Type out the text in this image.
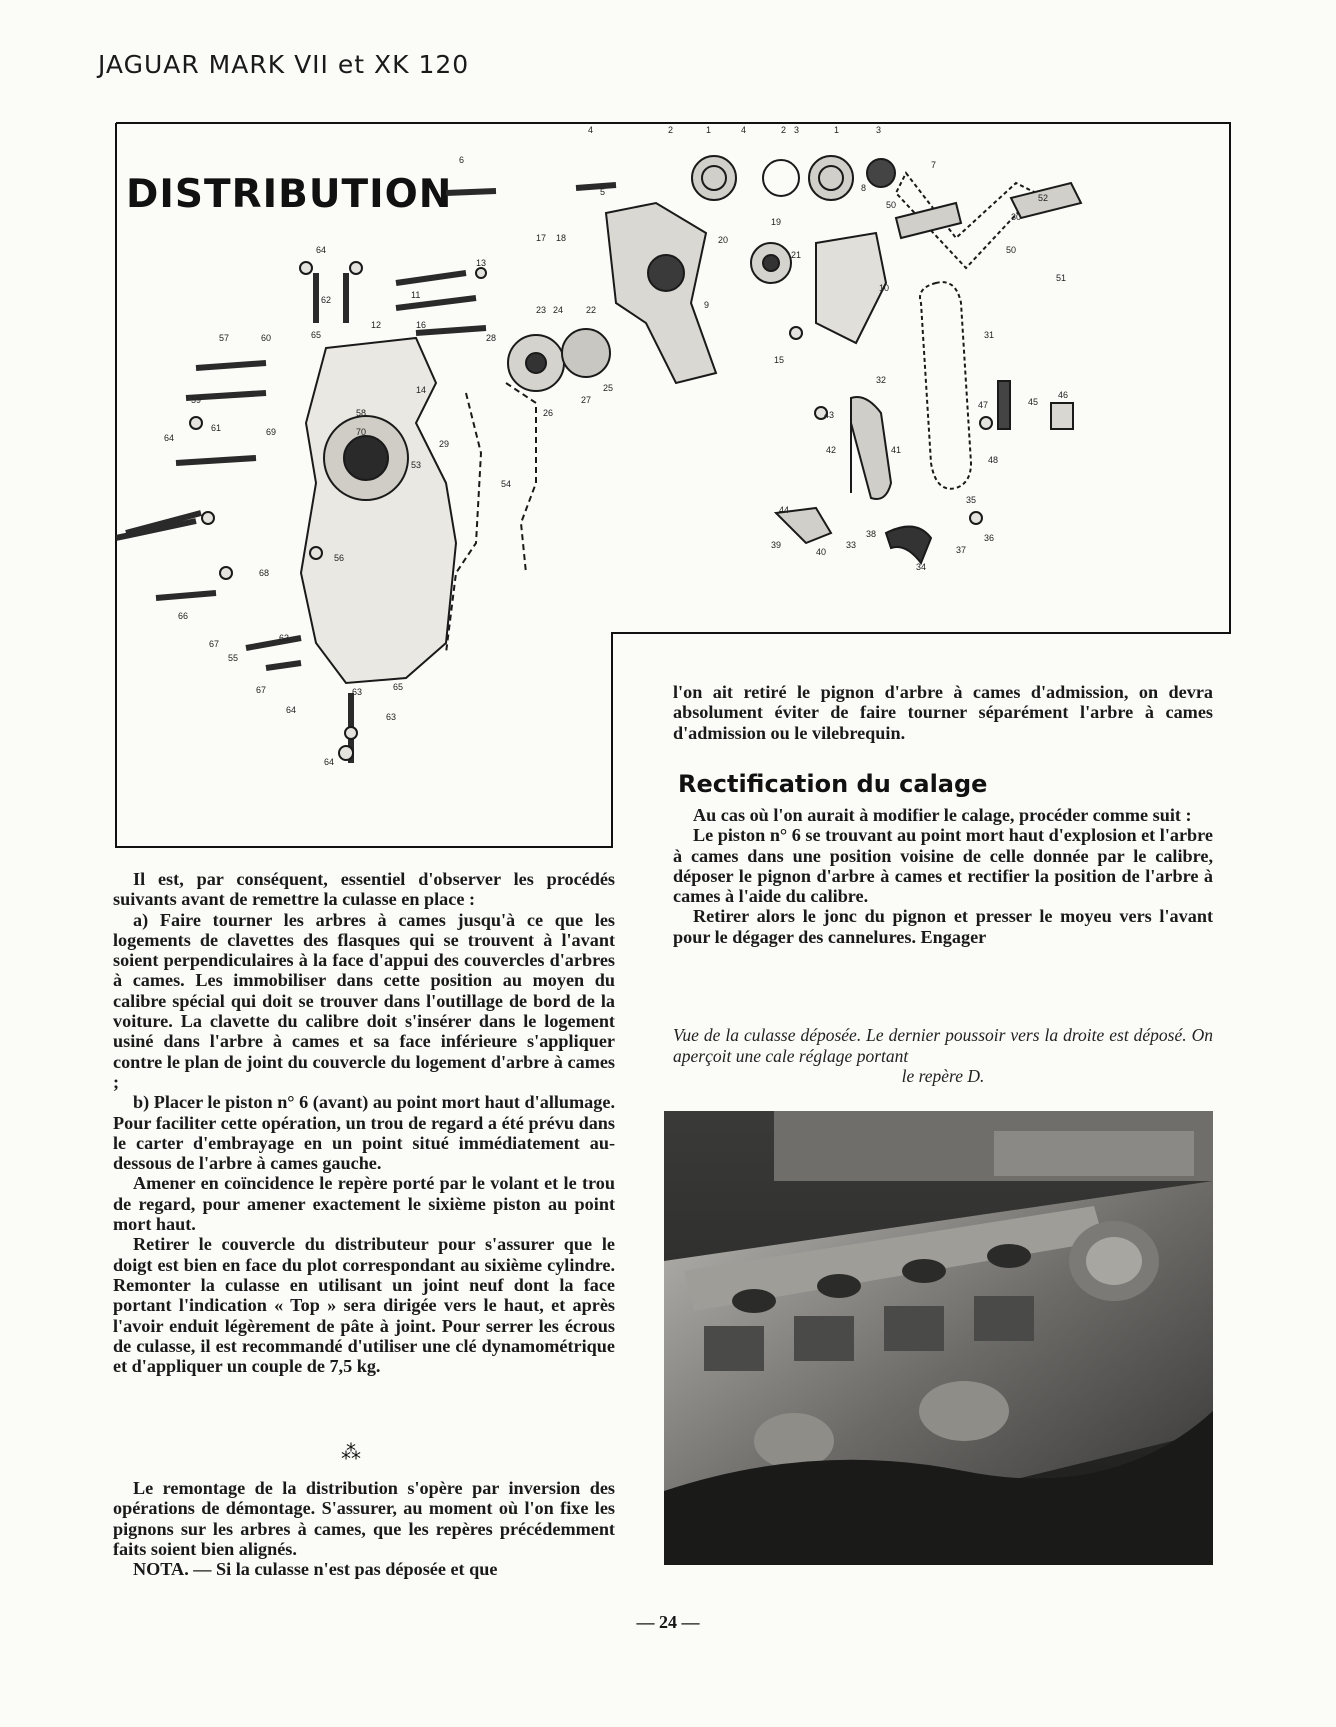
JAGUAR MARK VII et XK 120
DISTRIBUTION
4	2	1	4	2 3	1	3
5
6	7
8
52
50
30
50
51
17 18
13
19
20
21
64
62	11
12	16
23 24	22	9
10
31
57	60	65	28
15
32
58
59
64
61
14	25
27
26
46
45
47
43
70
69
29
42	41
48
53
54
66
44
39
40
33
38
34
35
36
37
67
68
56
55
63
67
64
63
63
65
64

Il est, par conséquent, essentiel d'observer les procédés suivants avant de remettre la culasse en place :

a) Faire tourner les arbres à cames jusqu'à ce que les logements de clavettes des flasques qui se trouvent à l'avant soient perpendiculaires à la face d'appui des couvercles d'arbres à cames. Les immobiliser dans cette position au moyen du calibre spécial qui doit se trouver dans l'outillage de bord de la voiture. La clavette du calibre doit s'insérer dans le logement usiné dans l'arbre à cames et sa face inférieure s'appliquer contre le plan de joint du couvercle du logement d'arbre à cames ;

b) Placer le piston n° 6 (avant) au point mort haut d'allumage. Pour faciliter cette opération, un trou de regard a été prévu dans le carter d'embrayage en un point situé immédiatement au-dessous de l'arbre à cames gauche.

Amener en coïncidence le repère porté par le volant et le trou de regard, pour amener exactement le sixième piston au point mort haut.

Retirer le couvercle du distributeur pour s'assurer que le doigt est bien en face du plot correspondant au sixième cylindre. Remonter la culasse en utilisant un joint neuf dont la face portant l'indication « Top » sera dirigée vers le haut, et après l'avoir enduit légèrement de pâte à joint. Pour serrer les écrous de culasse, il est recommandé d'utiliser une clé dynamométrique et d'appliquer un couple de 7,5 kg.

⁂

Le remontage de la distribution s'opère par inversion des opérations de démontage. S'assurer, au moment où l'on fixe les pignons sur les arbres à cames, que les repères précédemment faits soient bien alignés.

NOTA. — Si la culasse n'est pas déposée et que

l'on ait retiré le pignon d'arbre à cames d'admission, on devra absolument éviter de faire tourner séparément l'arbre à cames d'admission ou le vilebrequin.

Rectification du calage

Au cas où l'on aurait à modifier le calage, procéder comme suit :

Le piston n° 6 se trouvant au point mort haut d'explosion et l'arbre à cames dans une position voisine de celle donnée par le calibre, déposer le pignon d'arbre à cames et rectifier la position de l'arbre à cames à l'aide du calibre.

Retirer alors le jonc du pignon et presser le moyeu vers l'avant pour le dégager des cannelures. Engager

Vue de la culasse déposée. Le dernier poussoir vers la droite est déposé. On aperçoit une cale réglage portant
le repère D.
— 24 —
